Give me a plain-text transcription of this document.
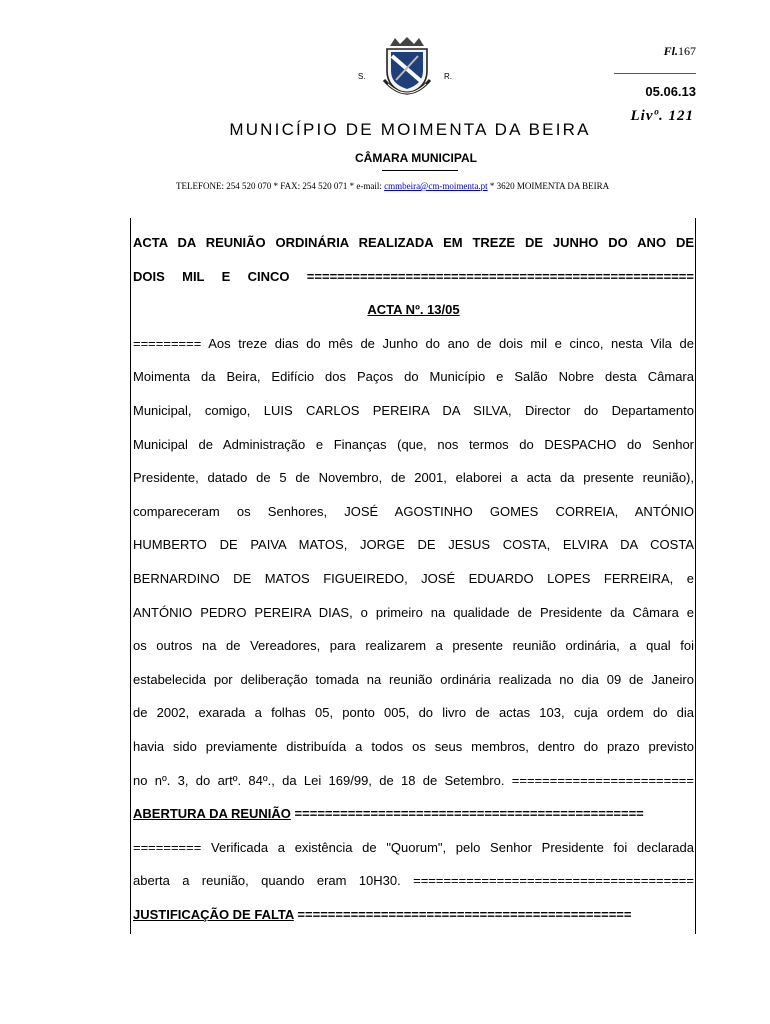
Fl.167
05.06.13
Livº. 121
S.	R.
MUNICÍPIO DE MOIMENTA DA BEIRA
CÂMARA MUNICIPAL
TELEFONE: 254 520 070 * FAX: 254 520 071 * e-mail: cmmbeira@cm-moimenta.pt * 3620 MOIMENTA DA BEIRA
ACTA DA REUNIÃO ORDINÁRIA REALIZADA EM TREZE DE JUNHO DO ANO DE
DOIS MIL E CINCO ===================================================
ACTA Nº. 13/05
========= Aos treze dias do mês de Junho do ano de dois mil e cinco, nesta Vila de
Moimenta da Beira, Edifício dos Paços do Município e Salão Nobre desta Câmara
Municipal, comigo, LUIS CARLOS PEREIRA DA SILVA, Director do Departamento
Municipal de Administração e Finanças (que, nos termos do DESPACHO do Senhor
Presidente, datado de 5 de Novembro, de 2001, elaborei a acta da presente reunião),
compareceram os Senhores, JOSÉ AGOSTINHO GOMES CORREIA, ANTÓNIO
HUMBERTO DE PAIVA MATOS, JORGE DE JESUS COSTA, ELVIRA DA COSTA
BERNARDINO DE MATOS FIGUEIREDO, JOSÉ EDUARDO LOPES FERREIRA, e
ANTÓNIO PEDRO PEREIRA DIAS, o primeiro na qualidade de Presidente da Câmara e
os outros na de Vereadores, para realizarem a presente reunião ordinária, a qual foi
estabelecida por deliberação tomada na reunião ordinária realizada no dia 09 de Janeiro
de 2002, exarada a folhas 05, ponto 005, do livro de actas 103, cuja ordem do dia
havia sido previamente distribuída a todos os seus membros, dentro do prazo previsto
no nº. 3, do artº. 84º., da Lei 169/99, de 18 de Setembro. ========================
ABERTURA DA REUNIÃO ==============================================
========= Verificada a existência de "Quorum", pelo Senhor Presidente foi declarada
aberta a reunião, quando eram 10H30. =====================================
JUSTIFICAÇÃO DE FALTA ============================================
